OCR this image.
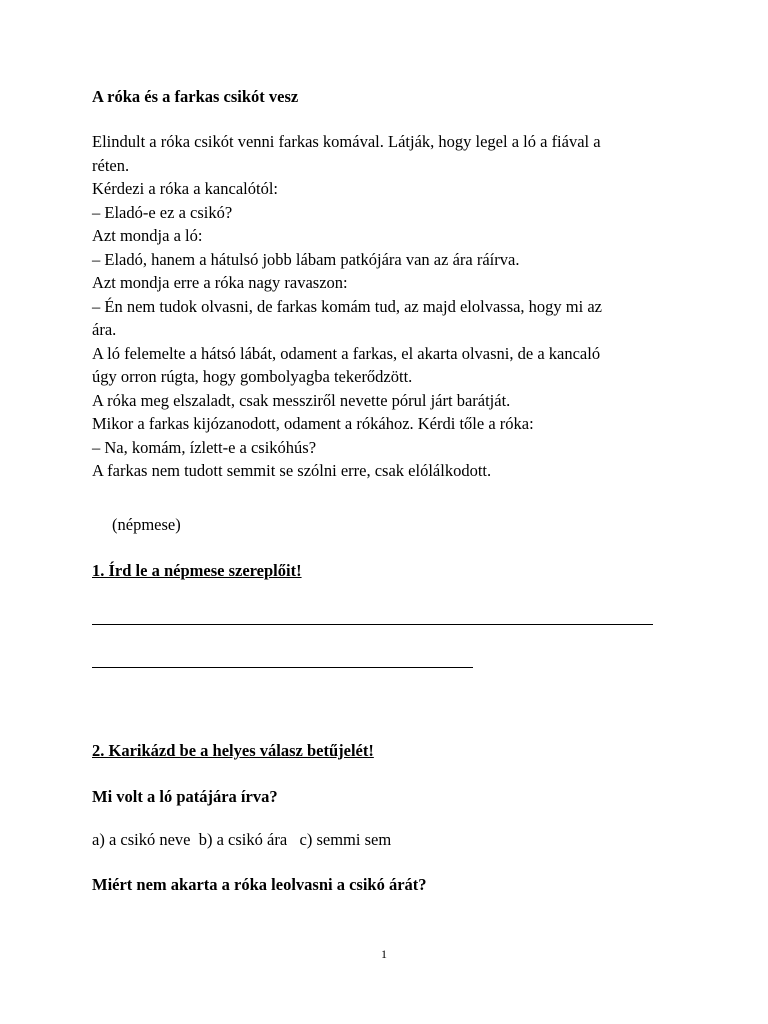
A róka és a farkas csikót vesz
Elindult a róka csikót venni farkas komával. Látják, hogy legel a ló a fiával a
réten.
Kérdezi a róka a kancalótól:
– Eladó-e ez a csikó?
Azt mondja a ló:
– Eladó, hanem a hátulsó jobb lábam patkójára van az ára ráírva.
Azt mondja erre a róka nagy ravaszon:
– Én nem tudok olvasni, de farkas komám tud, az majd elolvassa, hogy mi az
ára.
A ló felemelte a hátsó lábát, odament a farkas, el akarta olvasni, de a kancaló
úgy orron rúgta, hogy gombolyagba tekerődzött.
A róka meg elszaladt, csak messziről nevette pórul járt barátját.
Mikor a farkas kijózanodott, odament a rókához. Kérdi tőle a róka:
– Na, komám, ízlett-e a csikóhús?
A farkas nem tudott semmit se szólni erre, csak elólálkodott.
(népmese)
1. Írd le a népmese szereplőit!
2. Karikázd be a helyes válasz betűjelét!
Mi volt a ló patájára írva?
a) a csikó neve  b) a csikó ára   c) semmi sem
Miért nem akarta a róka leolvasni a csikó árát?
1
